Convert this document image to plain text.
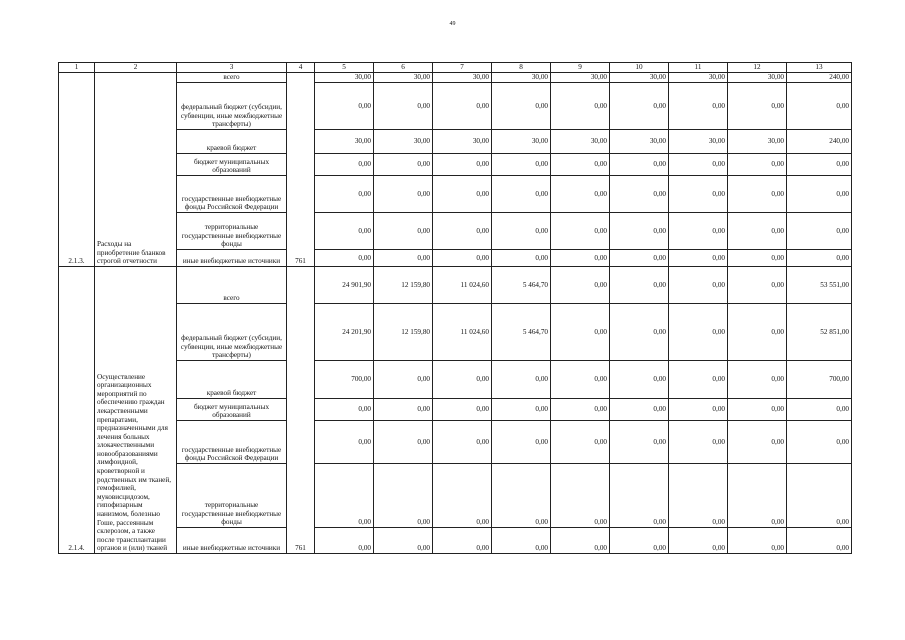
49
1	2	3	4	5	6	7	8	9	10	11	12	13
2.1.3.	Расходы на приобретение бланков строгой отчетности	всего	761	30,00	30,00	30,00	30,00	30,00	30,00	30,00	30,00	240,00
		федеральный бюджет (субсидии, субвенции, иные межбюджетные трансферты)		0,00	0,00	0,00	0,00	0,00	0,00	0,00	0,00	0,00
		краевой бюджет		30,00	30,00	30,00	30,00	30,00	30,00	30,00	30,00	240,00
		бюджет муниципальных образований		0,00	0,00	0,00	0,00	0,00	0,00	0,00	0,00	0,00
		государственные внебюджетные фонды Российской Федерации		0,00	0,00	0,00	0,00	0,00	0,00	0,00	0,00	0,00
		территориальные государственные внебюджетные фонды		0,00	0,00	0,00	0,00	0,00	0,00	0,00	0,00	0,00
		иные внебюджетные источники		0,00	0,00	0,00	0,00	0,00	0,00	0,00	0,00	0,00
2.1.4.	Осуществление организационных мероприятий по обеспечению граждан лекарственными препаратами, предназначенными для лечения больных злокачественными новообразованиями лимфоидной, кроветворной и родственных им тканей, гемофилией, муковисцидозом, гипофизарным нанизмом, болезнью Гоше, рассеянным склерозом, а также после трансплантации органов и (или) тканей	всего	761	24 901,90	12 159,80	11 024,60	5 464,70	0,00	0,00	0,00	0,00	53 551,00
		федеральный бюджет (субсидии, субвенции, иные межбюджетные трансферты)		24 201,90	12 159,80	11 024,60	5 464,70	0,00	0,00	0,00	0,00	52 851,00
		краевой бюджет		700,00	0,00	0,00	0,00	0,00	0,00	0,00	0,00	700,00
		бюджет муниципальных образований		0,00	0,00	0,00	0,00	0,00	0,00	0,00	0,00	0,00
		государственные внебюджетные фонды Российской Федерации		0,00	0,00	0,00	0,00	0,00	0,00	0,00	0,00	0,00
		территориальные государственные внебюджетные фонды		0,00	0,00	0,00	0,00	0,00	0,00	0,00	0,00	0,00
		иные внебюджетные источники		0,00	0,00	0,00	0,00	0,00	0,00	0,00	0,00	0,00
